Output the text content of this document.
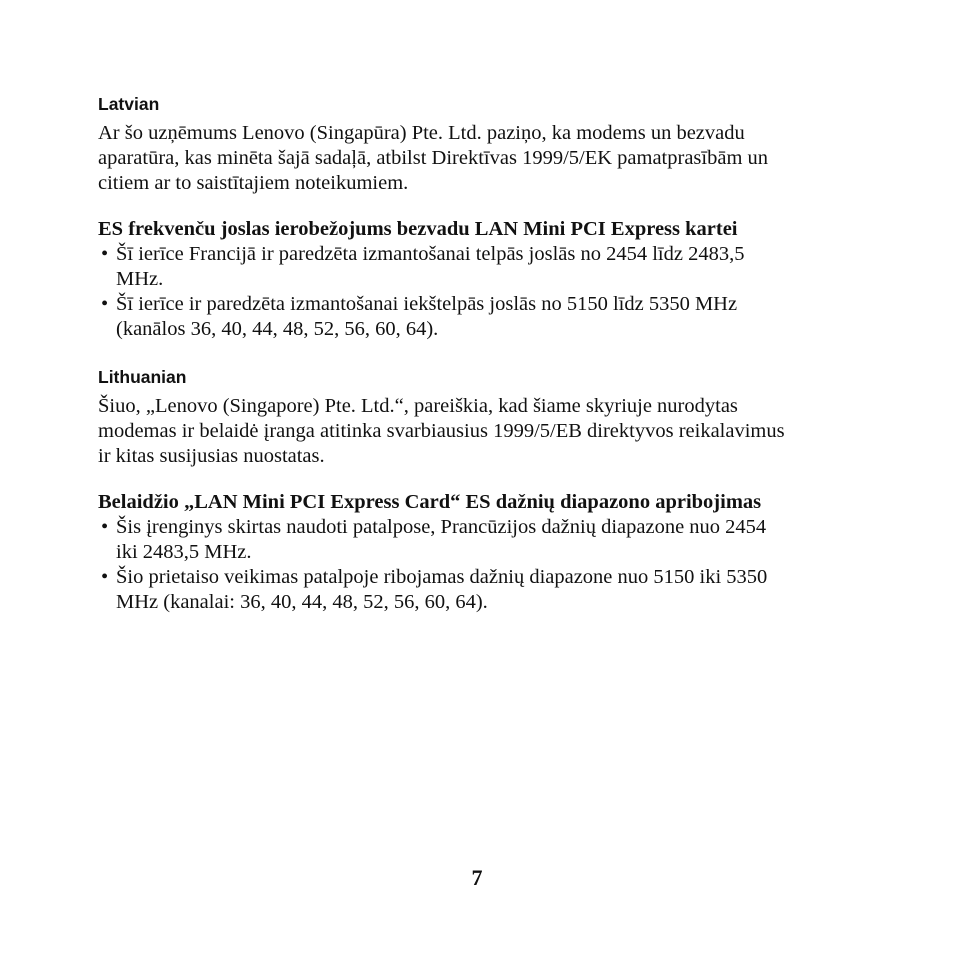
Latvian

Ar šo uzņēmums Lenovo (Singapūra) Pte. Ltd. paziņo, ka modems un bezvadu
aparatūra, kas minēta šajā sadaļā, atbilst Direktīvas 1999/5/EK pamatprasībām un
citiem ar to saistītajiem noteikumiem.

ES frekvenču joslas ierobežojums bezvadu LAN Mini PCI Express kartei
• Šī ierīce Francijā ir paredzēta izmantošanai telpās joslās no 2454 līdz 2483,5
MHz.
• Šī ierīce ir paredzēta izmantošanai iekštelpās joslās no 5150 līdz 5350 MHz
(kanālos 36, 40, 44, 48, 52, 56, 60, 64).
Lithuanian

Šiuo, „Lenovo (Singapore) Pte. Ltd.“, pareiškia, kad šiame skyriuje nurodytas
modemas ir belaidė įranga atitinka svarbiausius 1999/5/EB direktyvos reikalavimus
ir kitas susijusias nuostatas.

Belaidžio „LAN Mini PCI Express Card“ ES dažnių diapazono apribojimas
• Šis įrenginys skirtas naudoti patalpose, Prancūzijos dažnių diapazone nuo 2454
iki 2483,5 MHz.
• Šio prietaiso veikimas patalpoje ribojamas dažnių diapazone nuo 5150 iki 5350
MHz (kanalai: 36, 40, 44, 48, 52, 56, 60, 64).
7
